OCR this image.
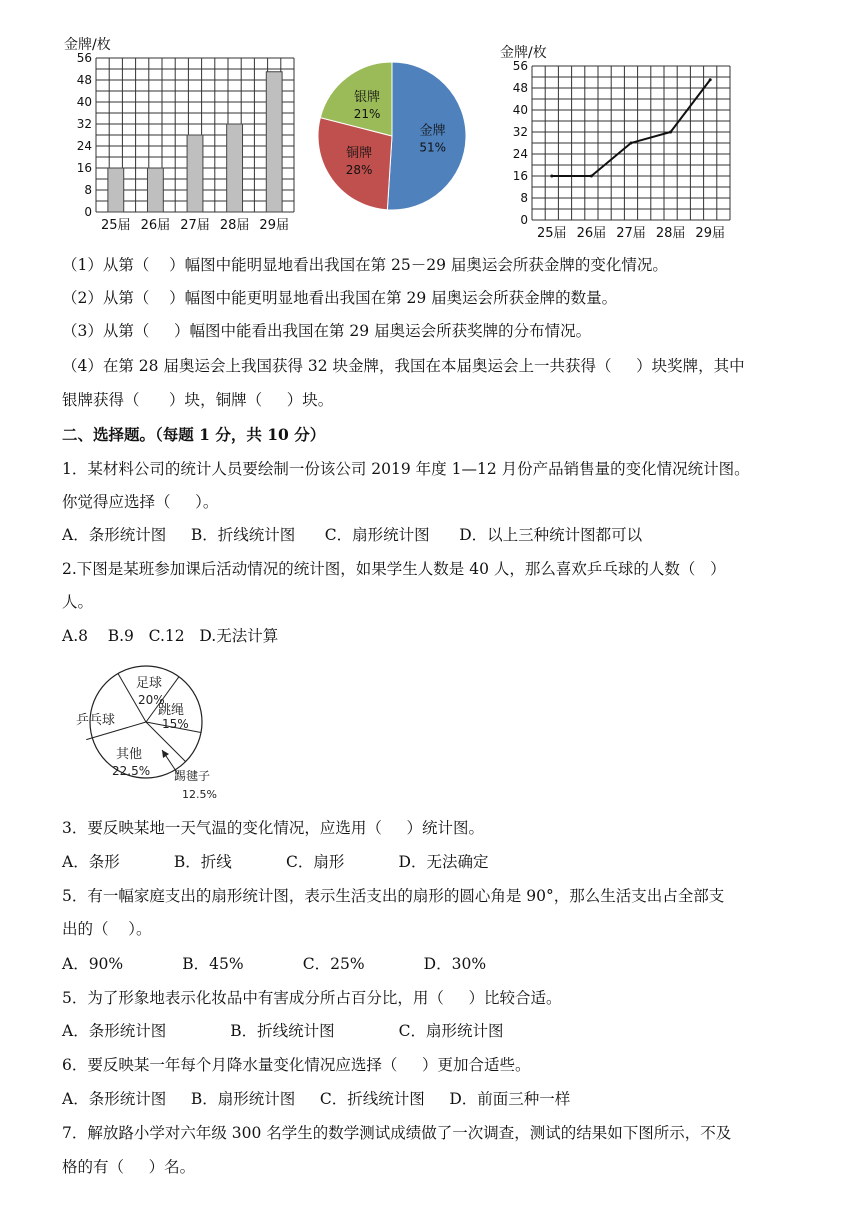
金牌/枚
56
48
40
32
24
16
8
0
25届 26届 27届 28届 29届
金牌
51%
铜牌
28%
银牌
21%
金牌/枚
56
48
40
32
24
16
8
0
25届 26届 27届 28届 29届
（1）从第（    ）幅图中能明显地看出我国在第 25－29 届奥运会所获金牌的变化情况。
（2）从第（    ）幅图中能更明显地看出我国在第 29 届奥运会所获金牌的数量。
（3）从第（     ）幅图中能看出我国在第 29 届奥运会所获奖牌的分布情况。
（4）在第 28 届奥运会上我国获得 32 块金牌，我国在本届奥运会上一共获得（     ）块奖牌，其中
银牌获得（      ）块，铜牌（     ）块。
二、选择题。（每题 1 分，共 10 分）
1．某材料公司的统计人员要绘制一份该公司 2019 年度 1—12 月份产品销售量的变化情况统计图。
你觉得应选择（     ）。
A．条形统计图     B．折线统计图      C．扇形统计图      D．以上三种统计图都可以
2.下图是某班参加课后活动情况的统计图，如果学生人数是 40 人，那么喜欢乒乓球的人数（   ）
人。
A.8    B.9   C.12   D.无法计算
足球
20%
跳绳
15%
乒乓球
其他
22.5% 踢毽子
12.5%
3．要反映某地一天气温的变化情况，应选用（     ）统计图。
A．条形           B．折线           C．扇形           D．无法确定
5．有一幅家庭支出的扇形统计图，表示生活支出的扇形的圆心角是 90°，那么生活支出占全部支
出的（    ）。
A．90%            B．45%            C．25%            D．30%
5．为了形象地表示化妆品中有害成分所占百分比，用（     ）比较合适。
A．条形统计图             B．折线统计图             C．扇形统计图
6．要反映某一年每个月降水量变化情况应选择（     ）更加合适些。
A．条形统计图     B．扇形统计图     C．折线统计图     D．前面三种一样
7．解放路小学对六年级 300 名学生的数学测试成绩做了一次调查，测试的结果如下图所示，不及
格的有（     ）名。
